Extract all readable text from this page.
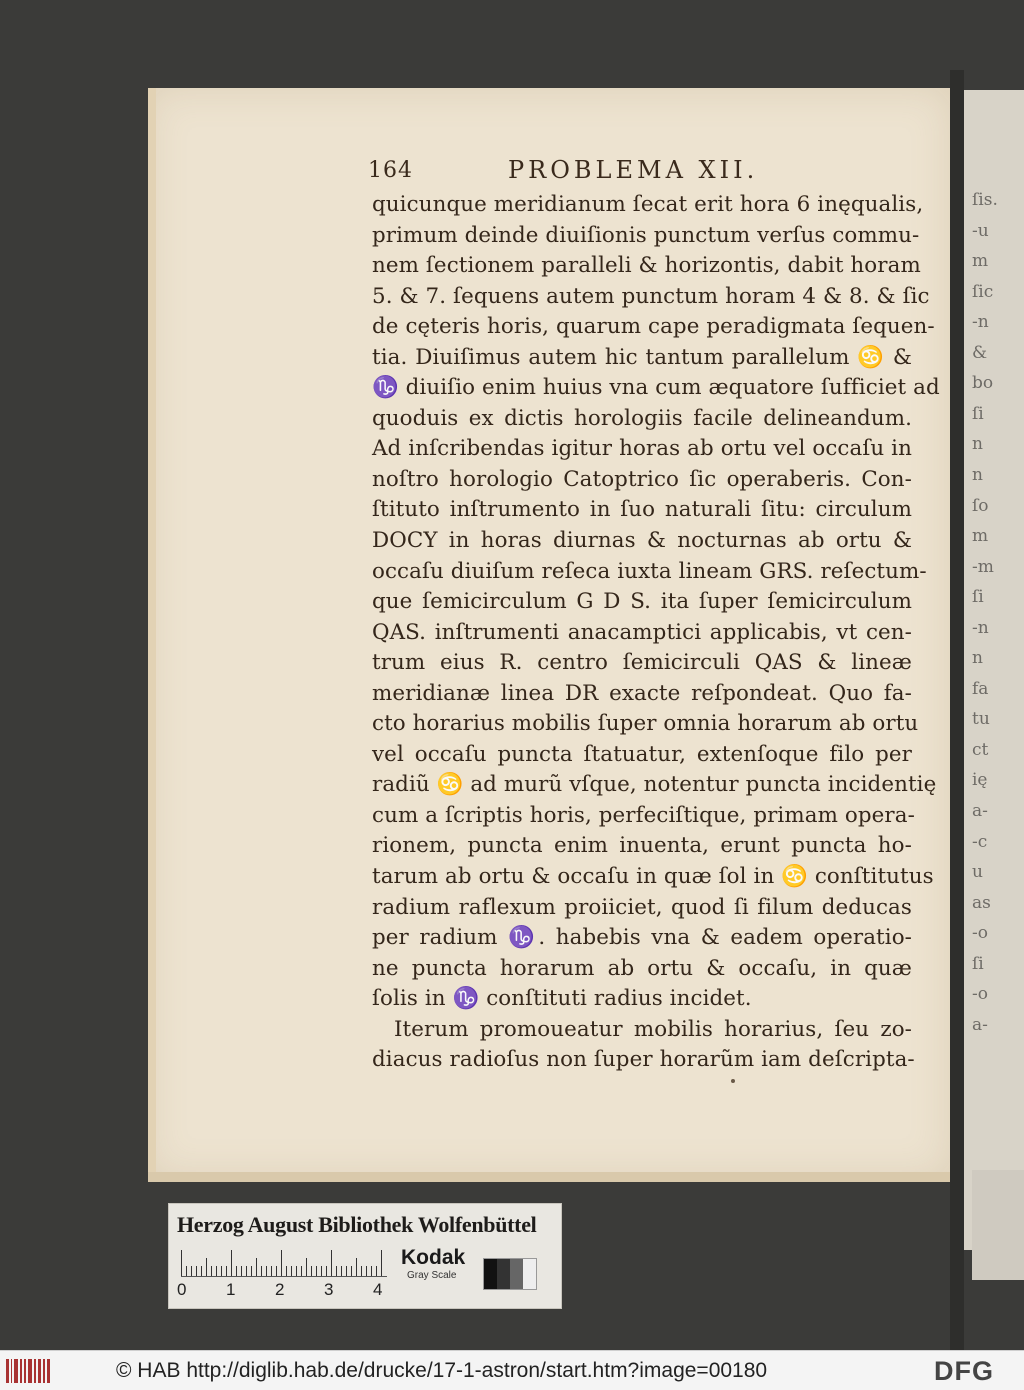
ſis.
-u
m
ſic
-n
&
bo
ſi
n
n
ſo
m
-m
ſi
-n
n
fa
tu
ct
ię
a-
-c
u
as
-o
ſi
-o
a-
164	PROBLEMA XII.
quicunque meridianum ſecat erit hora 6 inęqualis,
primum deinde diuiſionis punctum verſus commu-
nem ſectionem paralleli & horizontis, dabit horam
5. & 7. ſequens autem punctum horam 4 & 8. & ſic
de cęteris horis, quarum cape peradigmata ſequen-
tia. Diuiſimus autem hic tantum parallelum ♋ &
♑ diuiſio enim huius vna cum æquatore ſufficiet ad
quoduis ex dictis horologiis facile delineandum.
Ad inſcribendas igitur horas ab ortu vel occaſu in
noſtro horologio Catoptrico ſic operaberis. Con-
ſtituto inſtrumento in ſuo naturali ſitu: circulum
DOCY in horas diurnas & nocturnas ab ortu &
occaſu diuiſum reſeca iuxta lineam GRS. reſectum-
que ſemicirculum G D S. ita ſuper ſemicirculum
QAS. inſtrumenti anacamptici applicabis, vt cen-
trum eius R. centro ſemicirculi QAS & lineæ
meridianæ linea DR exacte reſpondeat. Quo fa-
cto horarius mobilis ſuper omnia horarum ab ortu
vel occaſu puncta ſtatuatur, extenſoque filo per
radiũ ♋ ad murũ vſque, notentur puncta incidentię
cum a ſcriptis horis, perfeciſtique, primam opera-
rionem, puncta enim inuenta, erunt puncta ho-
tarum ab ortu & occaſu in quæ ſol in ♋ conſtitutus
radium raflexum proiiciet, quod ſi filum deducas
per radium ♑. habebis vna & eadem operatio-
ne puncta horarum ab ortu & occaſu, in quæ
ſolis in ♑ conſtituti radius incidet.
Iterum promoueatur mobilis horarius, ſeu zo-
diacus radioſus non ſuper horarũm iam deſcripta-
Herzog August Bibliothek Wolfenbüttel
0 1 2 3 4
Kodak
Gray Scale
© HAB http://diglib.hab.de/drucke/17-1-astron/start.htm?image=00180	DFG
